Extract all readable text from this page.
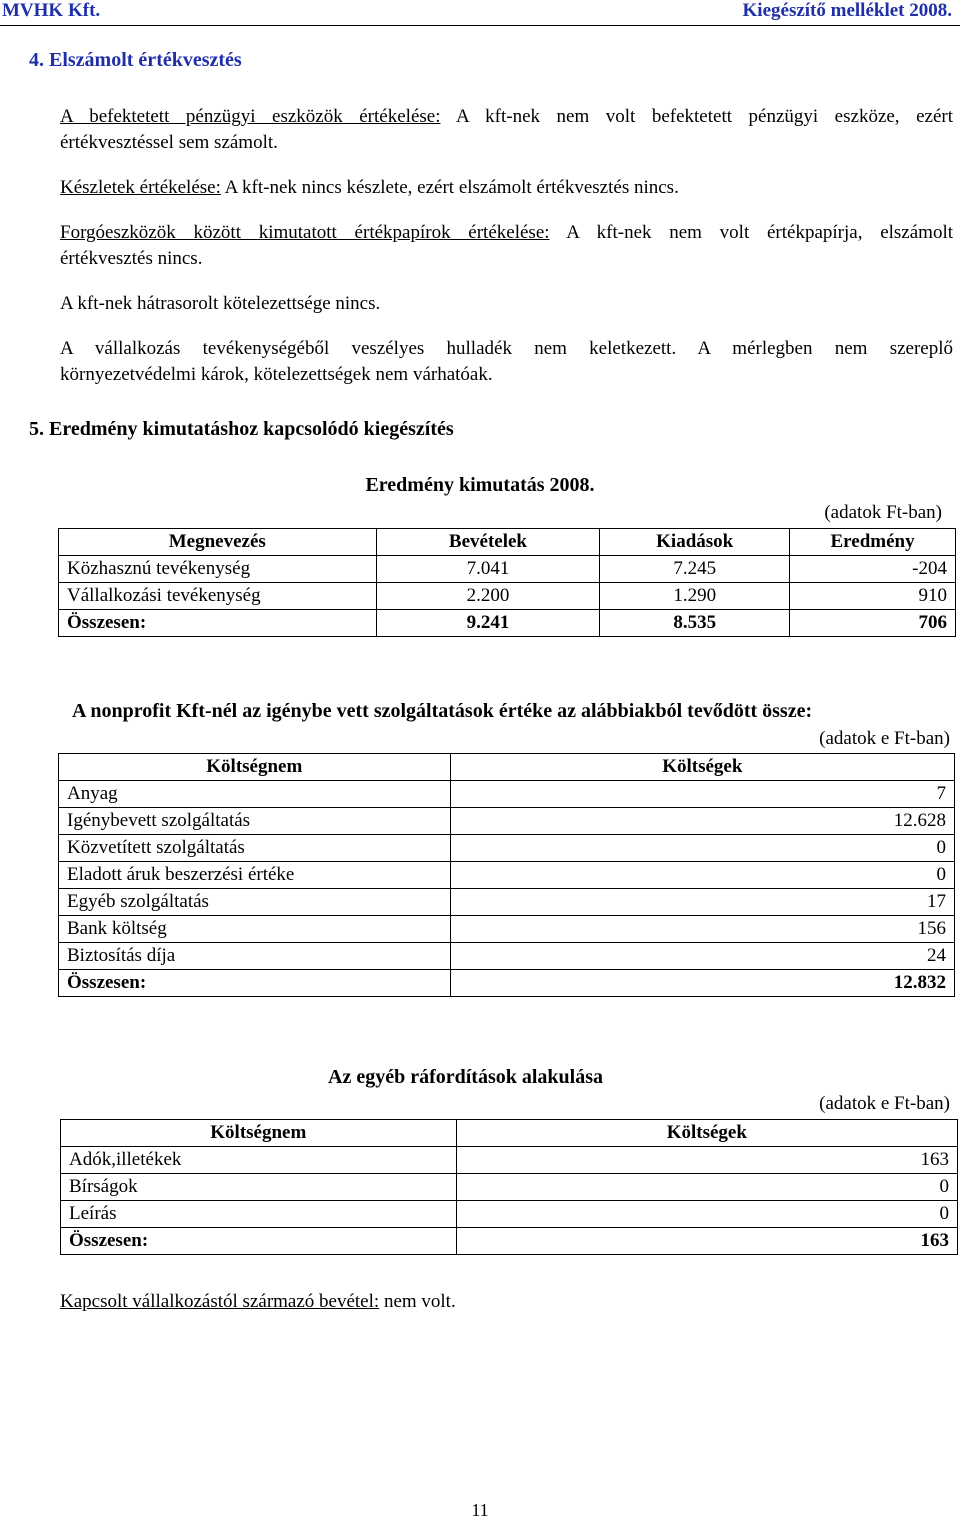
MVHK Kft.	Kiegészítő melléklet 2008.
4. Elszámolt értékvesztés
A befektetett pénzügyi eszközök értékelése: A kft-nek nem volt befektetett pénzügyi eszköze, ezért
értékvesztéssel sem számolt.
Készletek értékelése: A kft-nek nincs készlete, ezért elszámolt értékvesztés nincs.
Forgóeszközök között kimutatott értékpapírok értékelése: A kft-nek nem volt értékpapírja, elszámolt
értékvesztés nincs.
A kft-nek hátrasorolt kötelezettsége nincs.
A vállalkozás tevékenységéből veszélyes hulladék nem keletkezett. A mérlegben nem szereplő
környezetvédelmi károk, kötelezettségek nem várhatóak.
5. Eredmény kimutatáshoz kapcsolódó kiegészítés
Eredmény kimutatás 2008.
(adatok Ft-ban)
Megnevezés	Bevételek	Kiadások	Eredmény
Közhasznú tevékenység	7.041	7.245	-204
Vállalkozási tevékenység	2.200	1.290	910
Összesen:	9.241	8.535	706
A nonprofit Kft-nél az igénybe vett szolgáltatások értéke az alábbiakból tevődött össze:
(adatok e Ft-ban)
Költségnem	Költségek
Anyag	7
Igénybevett szolgáltatás	12.628
Közvetített szolgáltatás	0
Eladott áruk beszerzési értéke	0
Egyéb szolgáltatás	17
Bank költség	156
Biztosítás díja	24
Összesen:	12.832
Az egyéb ráfordítások alakulása
(adatok e Ft-ban)
Költségnem	Költségek
Adók,illetékek	163
Bírságok	0
Leírás	0
Összesen:	163
Kapcsolt vállalkozástól származó bevétel: nem volt.
11
